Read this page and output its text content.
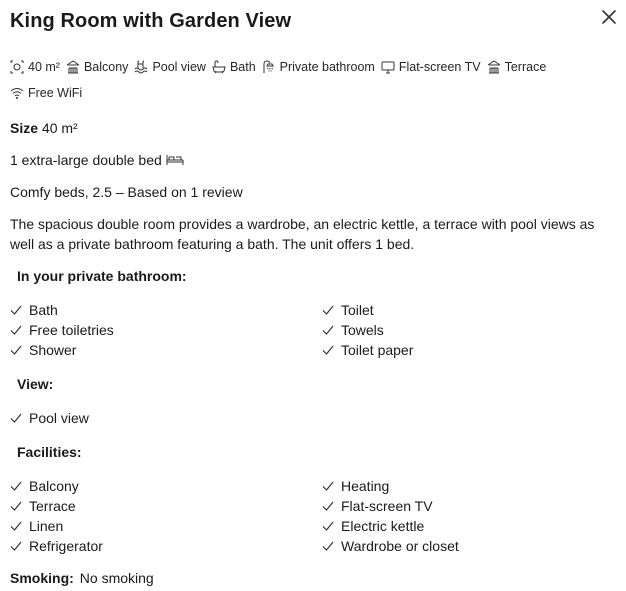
King Room with Garden View
40 m² Balcony Pool view Bath Private bathroom Flat-screen TV Terrace
Free WiFi
Size 40 m²
1 extra-large double bed
Comfy beds, 2.5 – Based on 1 review
The spacious double room provides a wardrobe, an electric kettle, a terrace with pool views as well as a private bathroom featuring a bath. The unit offers 1 bed.
In your private bathroom:
Bath
Free toiletries
Shower
Toilet
Towels
Toilet paper
View:
Pool view
Facilities:
Balcony
Terrace
Linen
Refrigerator
Heating
Flat-screen TV
Electric kettle
Wardrobe or closet
Smoking: No smoking
